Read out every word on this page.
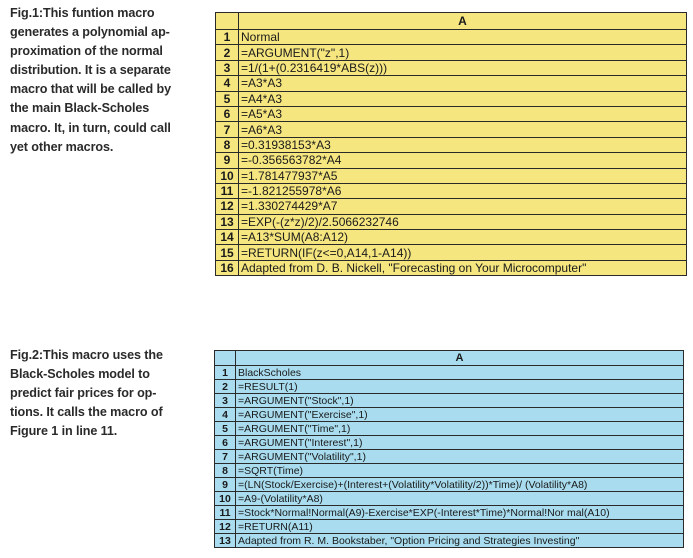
Fig.1:This funtion macro
generates a polynomial ap-
proximation of the normal
distribution. It is a separate
macro that will be called by
the main Black-Scholes
macro. It, in turn, could call
yet other macros.
	A
1	Normal
2	=ARGUMENT("z",1)
3	=1/(1+(0.2316419*ABS(z)))
4	=A3*A3
5	=A4*A3
6	=A5*A3
7	=A6*A3
8	=0.31938153*A3
9	=-0.356563782*A4
10	=1.781477937*A5
11	=-1.821255978*A6
12	=1.330274429*A7
13	=EXP(-(z*z)/2)/2.5066232746
14	=A13*SUM(A8:A12)
15	=RETURN(IF(z<=0,A14,1-A14))
16	Adapted from D. B. Nickell, "Forecasting on Your Microcomputer"
Fig.2:This macro uses the
Black-Scholes model to
predict fair prices for op-
tions. It calls the macro of
Figure 1 in line 11.
	A
1	BlackScholes
2	=RESULT(1)
3	=ARGUMENT("Stock",1)
4	=ARGUMENT("Exercise",1)
5	=ARGUMENT("Time",1)
6	=ARGUMENT("Interest",1)
7	=ARGUMENT("Volatility",1)
8	=SQRT(Time)
9	=(LN(Stock/Exercise)+(Interest+(Volatility*Volatility/2))*Time)/ (Volatility*A8)
10	=A9-(Volatility*A8)
11	=Stock*Normal!Normal(A9)-Exercise*EXP(-Interest*Time)*Normal!Nor mal(A10)
12	=RETURN(A11)
13	Adapted from R. M. Bookstaber, "Option Pricing and Strategies Investing"
